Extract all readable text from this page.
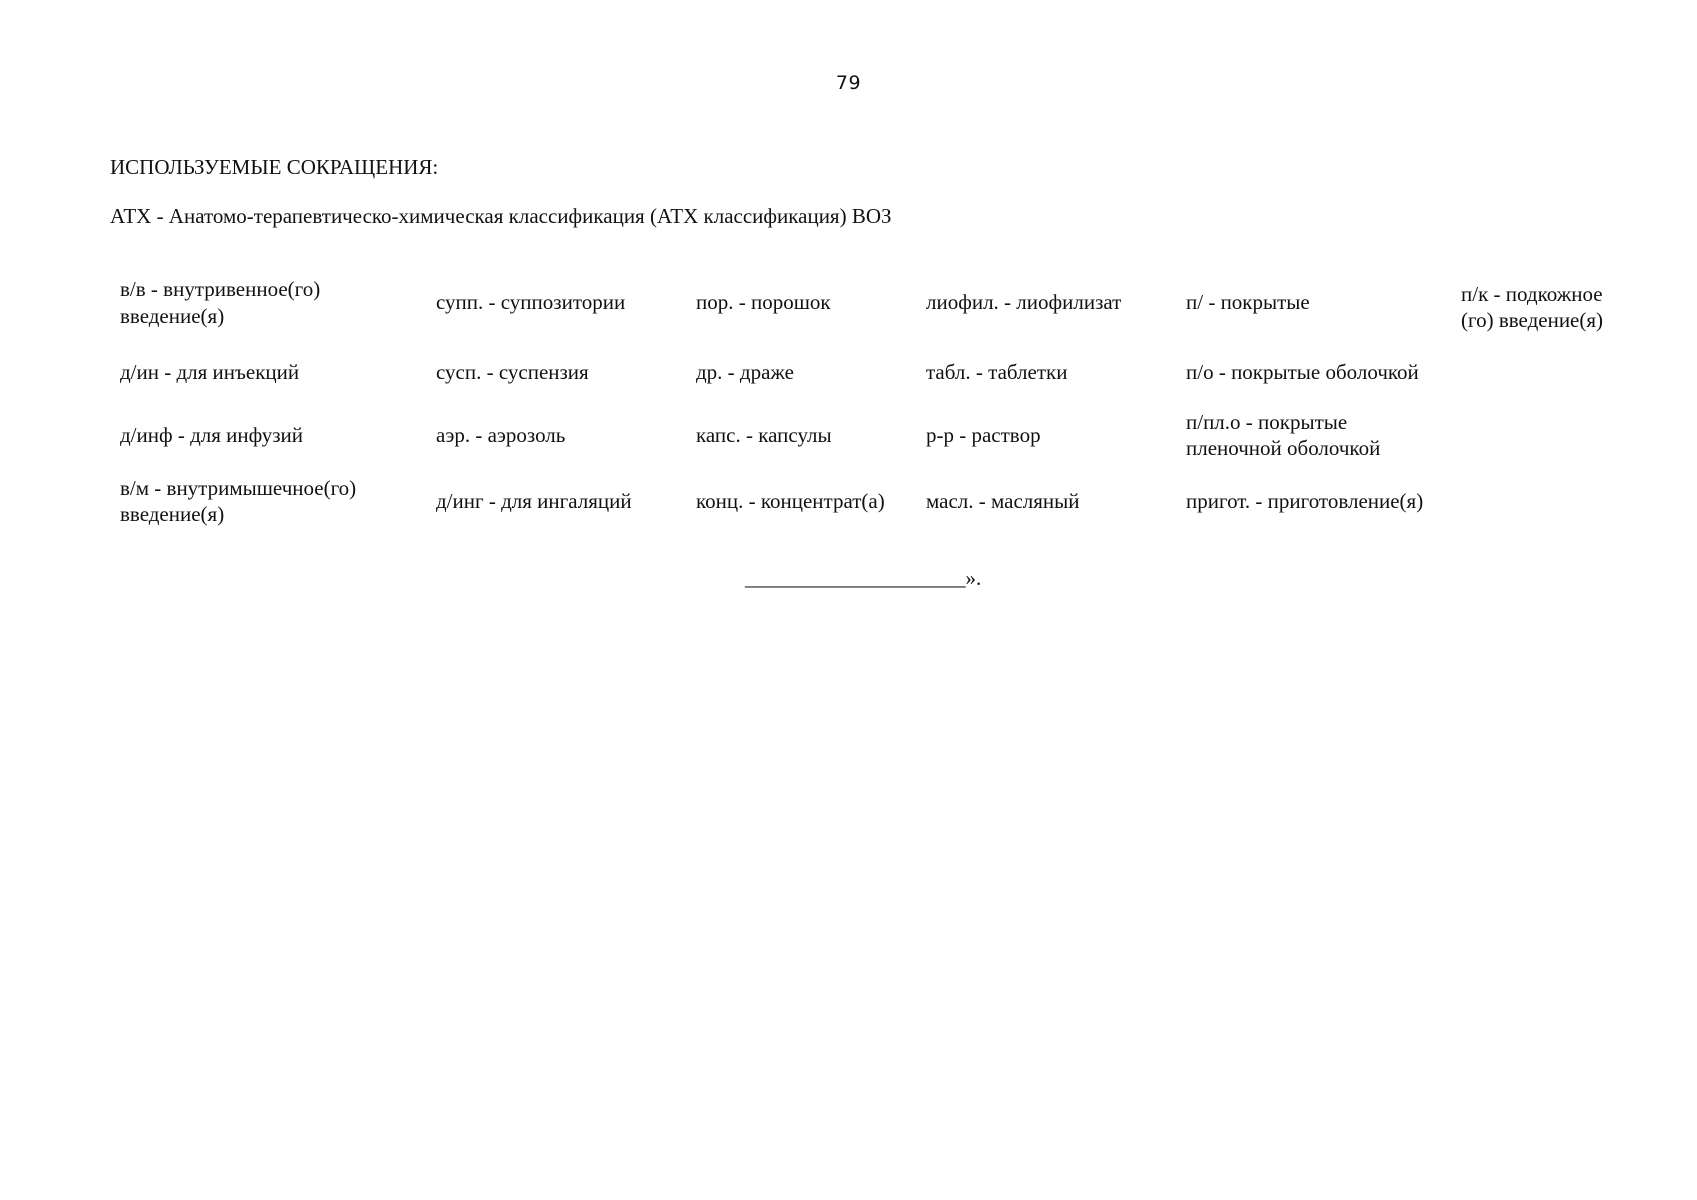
79
ИСПОЛЬЗУЕМЫЕ СОКРАЩЕНИЯ:
АТХ - Анатомо-терапевтическо-химическая классификация (АТХ классификация) ВОЗ
в/в - внутривенное(го) введение(я)	супп. - суппозитории	пор. - порошок	лиофил. - лиофилизат	п/ - покрытые	п/к - подкожное (го) введение(я)
д/ин - для инъекций	сусп. - суспензия	др. - драже	табл. - таблетки	п/о - покрытые оболочкой	
д/инф - для инфузий	аэр. - аэрозоль	капс. - капсулы	р-р - раствор	п/пл.о - покрытые пленочной оболочкой	
в/м - внутримышечное(го) введение(я)	д/инг - для ингаляций	конц. - концентрат(а)	масл. - масляный	пригот. - приготовление(я)	
_____________________».
